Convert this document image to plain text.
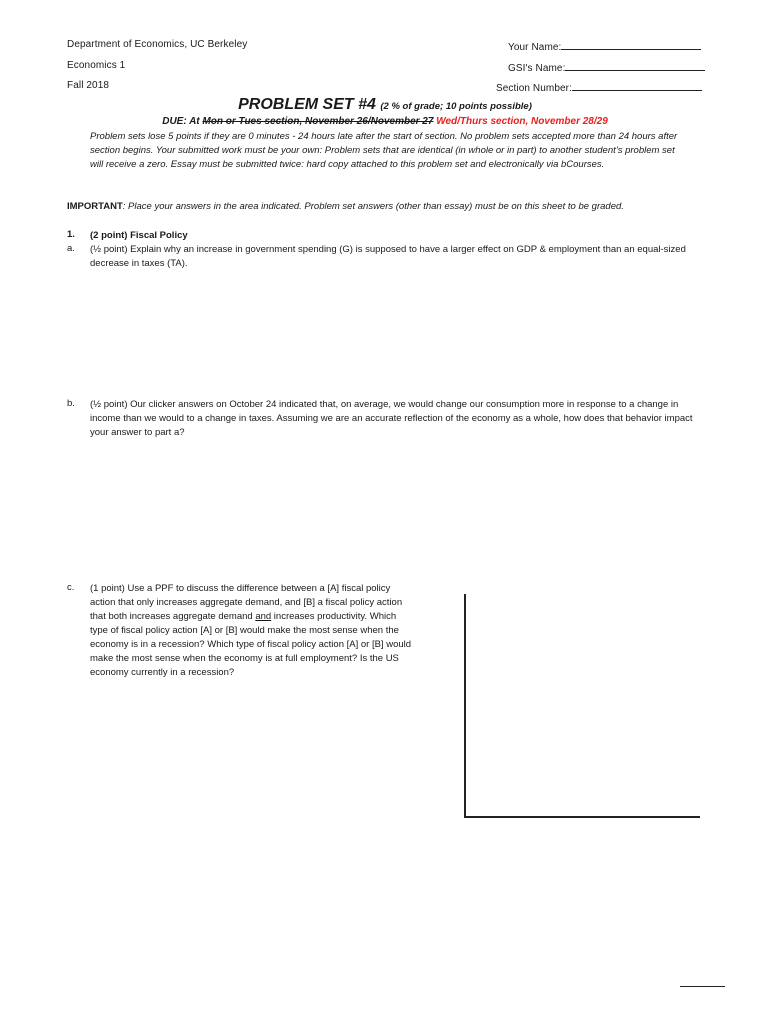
Department of Economics, UC Berkeley
Economics 1
Fall 2018
Your Name:
GSI's Name:
Section Number:
PROBLEM SET #4 (2 % of grade; 10 points possible)
DUE: At Mon or Tues section, November 26/November 27 Wed/Thurs section, November 28/29
Problem sets lose 5 points if they are 0 minutes - 24 hours late after the start of section. No problem sets accepted more than 24 hours after section begins. Your submitted work must be your own: Problem sets that are identical (in whole or in part) to another student’s problem set will receive a zero. Essay must be submitted twice: hard copy attached to this problem set and electronically via bCourses.
IMPORTANT: Place your answers in the area indicated. Problem set answers (other than essay) must be on this sheet to be graded.
1. (2 point) Fiscal Policy
a. (½ point) Explain why an increase in government spending (G) is supposed to have a larger effect on GDP & employment than an equal-sized decrease in taxes (TA).
b. (½ point) Our clicker answers on October 24 indicated that, on average, we would change our consumption more in response to a change in income than we would to a change in taxes. Assuming we are an accurate reflection of the economy as a whole, how does that behavior impact your answer to part a?
c. (1 point) Use a PPF to discuss the difference between a [A] fiscal policy action that only increases aggregate demand, and [B] a fiscal policy action that both increases aggregate demand and increases productivity. Which type of fiscal policy action [A] or [B] would make the most sense when the economy is in a recession? Which type of fiscal policy action [A] or [B] would make the most sense when the economy is at full employment? Is the US economy currently in a recession?
